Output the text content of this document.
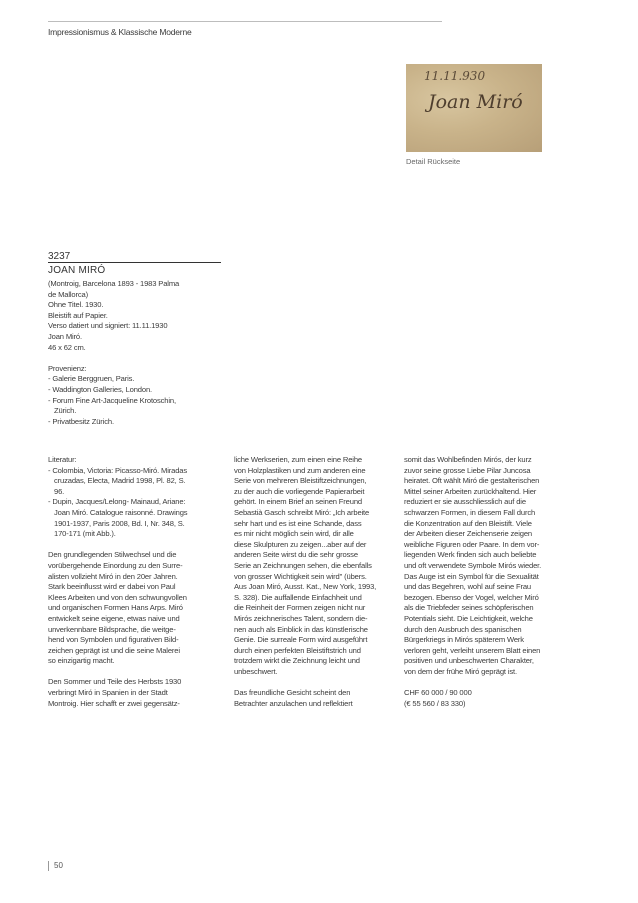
Impressionismus & Klassische Moderne
11.11.930
Joan Miró
Detail Rückseite
3237
JOAN MIRÓ

(Montroig, Barcelona 1893 - 1983 Palma

de Mallorca)

Ohne Titel. 1930.

Bleistift auf Papier.

Verso datiert und signiert: 11.11.1930

Joan Miró.

46 x 62 cm.

Provenienz:

- Galerie Berggruen, Paris.

- Waddington Galleries, London.

- Forum Fine Art-Jacqueline Krotoschin,

Zürich.

- Privatbesitz Zürich.

Literatur:

- Colombia, Victoria: Picasso-Miró. Miradas

cruzadas, Electa, Madrid 1998, Pl. 82, S.

96.

- Dupin, Jacques/Lelong- Mainaud, Ariane:

Joan Miró. Catalogue raisonné. Drawings

1901-1937, Paris 2008, Bd. I, Nr. 348, S.

170-171 (mit Abb.).

Den grundlegenden Stilwechsel und die

vorübergehende Einordung zu den Surre-

alisten vollzieht Miró in den 20er Jahren.

Stark beeinflusst wird er dabei von Paul

Klees Arbeiten und von den schwungvollen

und organischen Formen Hans Arps. Miró

entwickelt seine eigene, etwas naive und

unverkennbare Bildsprache, die weitge-

hend von Symbolen und figurativen Bild-

zeichen geprägt ist und die seine Malerei

so einzigartig macht.

Den Sommer und Teile des Herbsts 1930

verbringt Miró in Spanien in der Stadt

Montroig. Hier schafft er zwei gegensätz-

liche Werkserien, zum einen eine Reihe

von Holzplastiken und zum anderen eine

Serie von mehreren Bleistiftzeichnungen,

zu der auch die vorliegende Papierarbeit

gehört. In einem Brief an seinen Freund

Sebastià Gasch schreibt Miró: „Ich arbeite

sehr hart und es ist eine Schande, dass

es mir nicht möglich sein wird, dir alle

diese Skulpturen zu zeigen...aber auf der

anderen Seite wirst du die sehr grosse

Serie an Zeichnungen sehen, die ebenfalls

von grosser Wichtigkeit sein wird" (übers.

Aus Joan Miró, Ausst. Kat., New York, 1993,

S. 328). Die auffallende Einfachheit und

die Reinheit der Formen zeigen nicht nur

Mirós zeichnerisches Talent, sondern die-

nen auch als Einblick in das künstlerische

Genie. Die surreale Form wird ausgeführt

durch einen perfekten Bleistiftstrich und

trotzdem wirkt die Zeichnung leicht und

unbeschwert.

Das freundliche Gesicht scheint den

Betrachter anzulachen und reflektiert

somit das Wohlbefinden Mirós, der kurz

zuvor seine grosse Liebe Pilar Juncosa

heiratet. Oft wählt Miró die gestalterischen

Mittel seiner Arbeiten zurückhaltend. Hier

reduziert er sie ausschliesslich auf die

schwarzen Formen, in diesem Fall durch

die Konzentration auf den Bleistift. Viele

der Arbeiten dieser Zeichenserie zeigen

weibliche Figuren oder Paare. In dem vor-

liegenden Werk finden sich auch beliebte

und oft verwendete Symbole Mirós wieder.

Das Auge ist ein Symbol für die Sexualität

und das Begehren, wohl auf seine Frau

bezogen. Ebenso der Vogel, welcher Miró

als die Triebfeder seines schöpferischen

Potentials sieht. Die Leichtigkeit, welche

durch den Ausbruch des spanischen

Bürgerkriegs in Mirós späterem Werk

verloren geht, verleiht unserem Blatt einen

positiven und unbeschwerten Charakter,

von dem der frühe Miró geprägt ist.

CHF 60 000 / 90 000

(€ 55 560 / 83 330)

50
